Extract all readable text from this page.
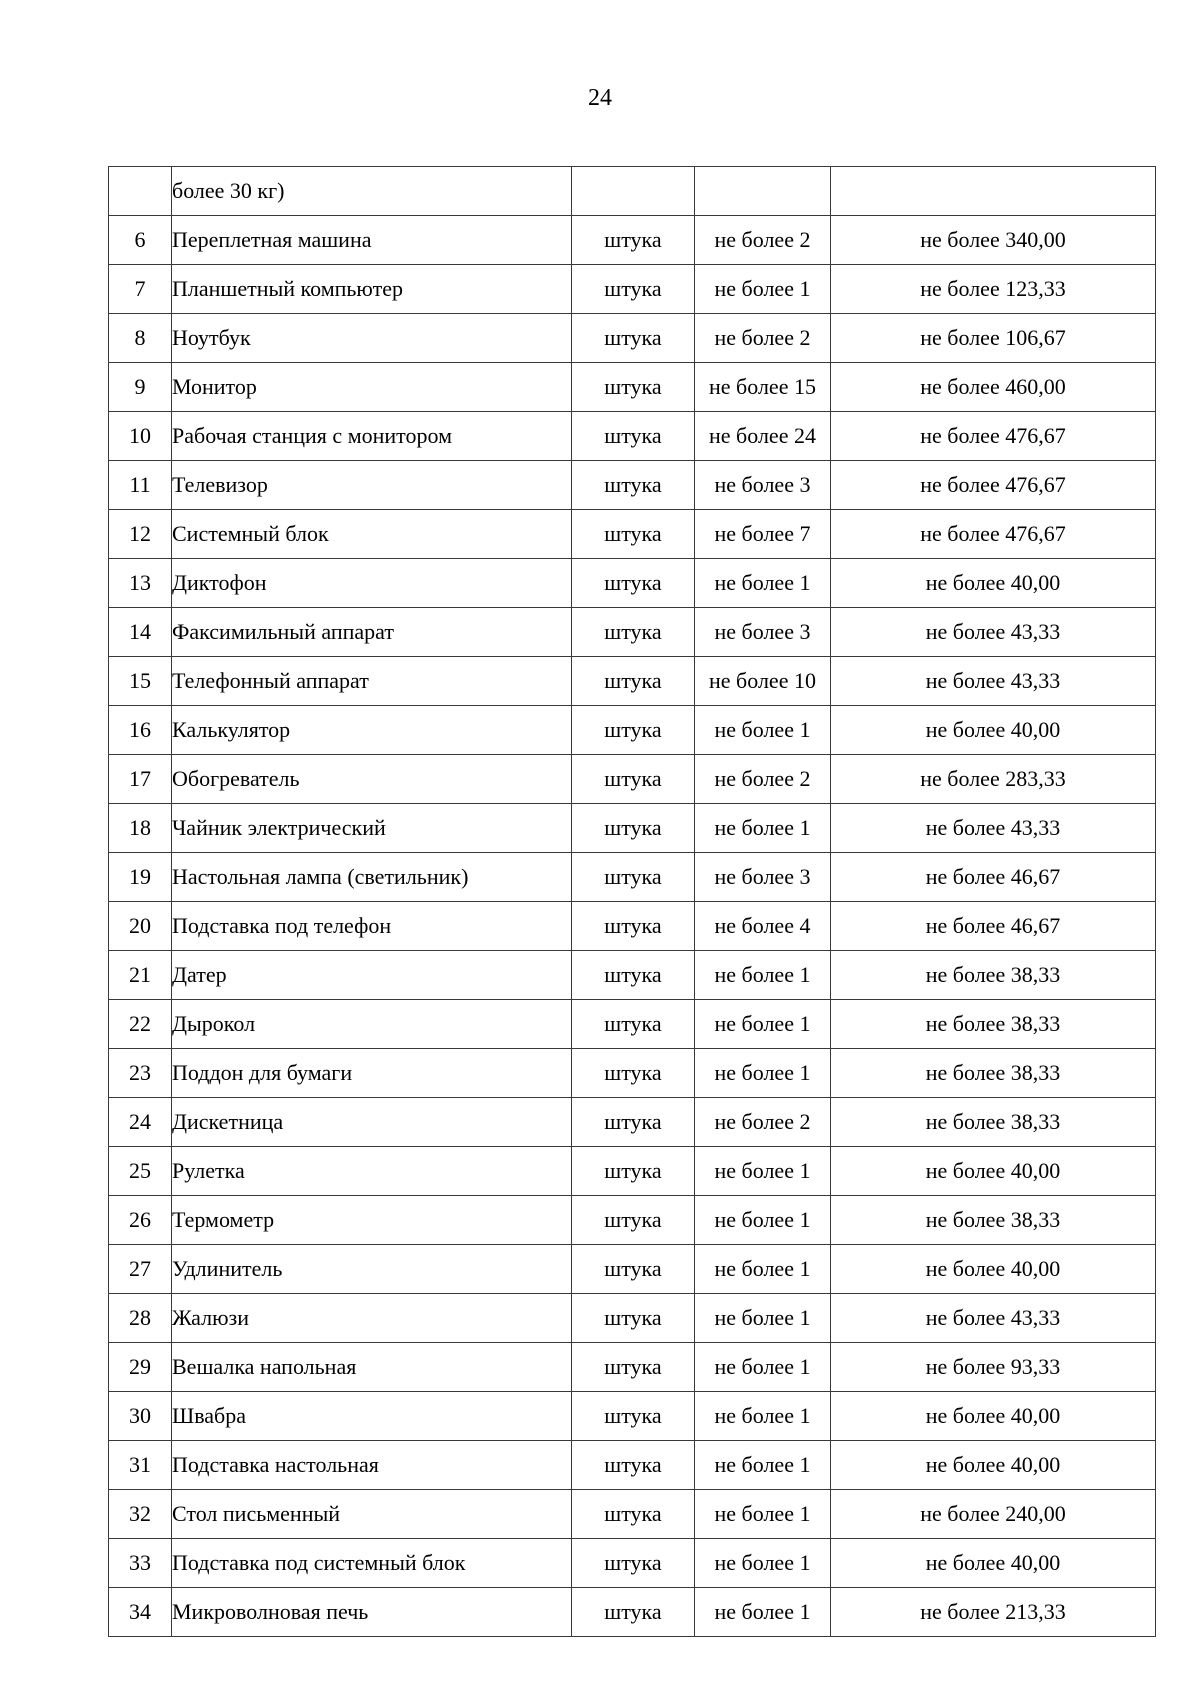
24
	более 30 кг)			
6	Переплетная машина	штука	не более 2	не более 340,00
7	Планшетный компьютер	штука	не более 1	не более 123,33
8	Ноутбук	штука	не более 2	не более 106,67
9	Монитор	штука	не более 15	не более 460,00
10	Рабочая станция с монитором	штука	не более 24	не более 476,67
11	Телевизор	штука	не более 3	не более 476,67
12	Системный блок	штука	не более 7	не более 476,67
13	Диктофон	штука	не более 1	не более 40,00
14	Факсимильный аппарат	штука	не более 3	не более 43,33
15	Телефонный аппарат	штука	не более 10	не более 43,33
16	Калькулятор	штука	не более 1	не более 40,00
17	Обогреватель	штука	не более 2	не более 283,33
18	Чайник электрический	штука	не более 1	не более 43,33
19	Настольная лампа (светильник)	штука	не более 3	не более 46,67
20	Подставка под телефон	штука	не более 4	не более 46,67
21	Датер	штука	не более 1	не более 38,33
22	Дырокол	штука	не более 1	не более 38,33
23	Поддон для бумаги	штука	не более 1	не более 38,33
24	Дискетница	штука	не более 2	не более 38,33
25	Рулетка	штука	не более 1	не более 40,00
26	Термометр	штука	не более 1	не более 38,33
27	Удлинитель	штука	не более 1	не более 40,00
28	Жалюзи	штука	не более 1	не более 43,33
29	Вешалка напольная	штука	не более 1	не более 93,33
30	Швабра	штука	не более 1	не более 40,00
31	Подставка настольная	штука	не более 1	не более 40,00
32	Стол письменный	штука	не более 1	не более 240,00
33	Подставка под системный блок	штука	не более 1	не более 40,00
34	Микроволновая печь	штука	не более 1	не более 213,33
